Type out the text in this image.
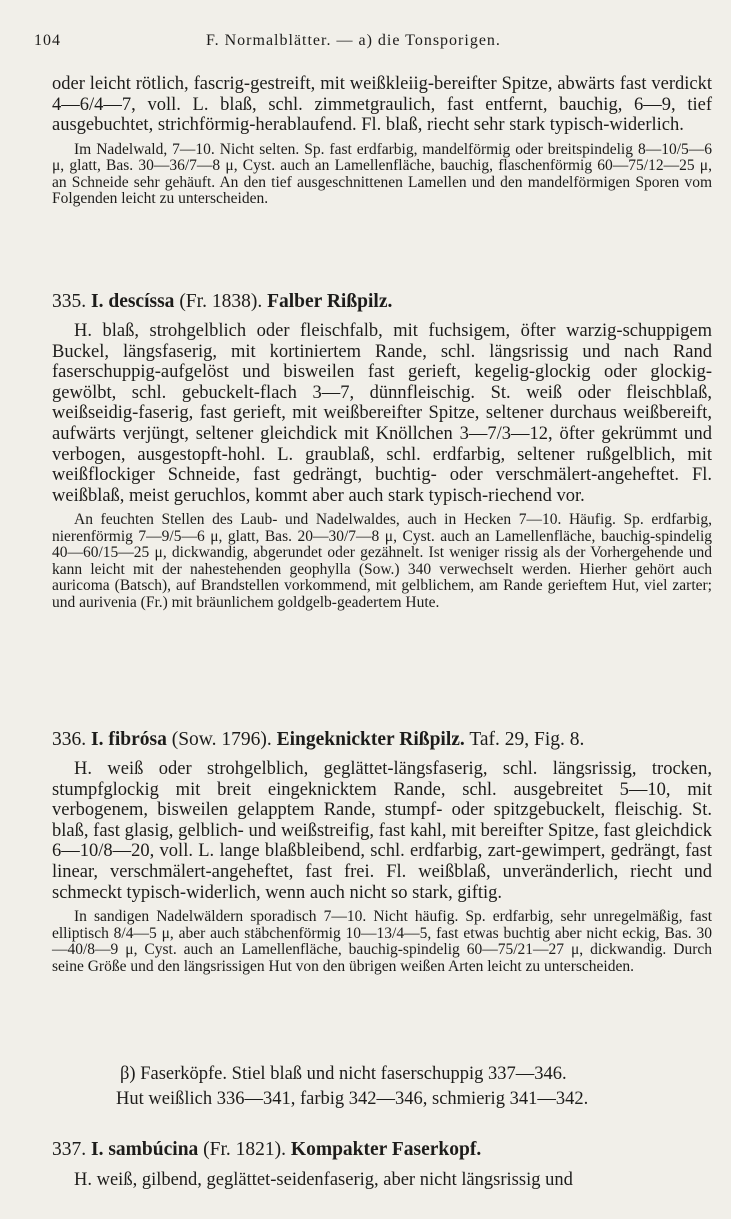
104	F. Normalblätter. — a) die Tonsporigen.

oder leicht rötlich, fascrig-gestreift, mit weißkleiig-bereifter Spitze, abwärts fast verdickt 4—6/4—7, voll. L. blaß, schl. zimmetgraulich, fast entfernt, bauchig, 6—9, tief ausgebuchtet, strichförmig-herablaufend. Fl. blaß, riecht sehr stark typisch-widerlich.

Im Nadelwald, 7—10. Nicht selten. Sp. fast erdfarbig, mandelförmig oder breitspindelig 8—10/5—6 μ, glatt, Bas. 30—36/7—8 μ, Cyst. auch an Lamellenfläche, bauchig, flaschenförmig 60—75/12—25 μ, an Schneide sehr gehäuft. An den tief ausgeschnittenen Lamellen und den mandelförmigen Sporen vom Folgenden leicht zu unterscheiden.

335. I. descíssa (Fr. 1838). Falber Rißpilz.

H. blaß, strohgelblich oder fleischfalb, mit fuchsigem, öfter warzig-schuppigem Buckel, längsfaserig, mit kortiniertem Rande, schl. längsrissig und nach Rand faserschuppig-aufgelöst und bisweilen fast gerieft, kegelig-glockig oder glockig-gewölbt, schl. gebuckelt-flach 3—7, dünnfleischig. St. weiß oder fleischblaß, weißseidig-faserig, fast gerieft, mit weißbereifter Spitze, seltener durchaus weißbereift, aufwärts verjüngt, seltener gleichdick mit Knöllchen 3—7/3—12, öfter gekrümmt und verbogen, ausgestopft-hohl. L. graublaß, schl. erdfarbig, seltener rußgelblich, mit weißflockiger Schneide, fast gedrängt, buchtig- oder verschmälert-angeheftet. Fl. weißblaß, meist geruchlos, kommt aber auch stark typisch-riechend vor.

An feuchten Stellen des Laub- und Nadelwaldes, auch in Hecken 7—10. Häufig. Sp. erdfarbig, nierenförmig 7—9/5—6 μ, glatt, Bas. 20—30/7—8 μ, Cyst. auch an Lamellenfläche, bauchig-spindelig 40—60/15—25 μ, dickwandig, abgerundet oder gezähnelt. Ist weniger rissig als der Vorhergehende und kann leicht mit der nahestehenden geophylla (Sow.) 340 verwechselt werden. Hierher gehört auch auricoma (Batsch), auf Brandstellen vorkommend, mit gelblichem, am Rande gerieftem Hut, viel zarter; und aurivenia (Fr.) mit bräunlichem goldgelb-geadertem Hute.

336. I. fibrósa (Sow. 1796). Eingeknickter Rißpilz. Taf. 29, Fig. 8.

H. weiß oder strohgelblich, geglättet-längsfaserig, schl. längsrissig, trocken, stumpfglockig mit breit eingeknicktem Rande, schl. ausgebreitet 5—10, mit verbogenem, bisweilen gelapptem Rande, stumpf- oder spitzgebuckelt, fleischig. St. blaß, fast glasig, gelblich- und weißstreifig, fast kahl, mit bereifter Spitze, fast gleichdick 6—10/8—20, voll. L. lange blaßbleibend, schl. erdfarbig, zart-gewimpert, gedrängt, fast linear, verschmälert-angeheftet, fast frei. Fl. weißblaß, unveränderlich, riecht und schmeckt typisch-widerlich, wenn auch nicht so stark, giftig.

In sandigen Nadelwäldern sporadisch 7—10. Nicht häufig. Sp. erdfarbig, sehr unregelmäßig, fast elliptisch 8/4—5 μ, aber auch stäbchenförmig 10—13/4—5, fast etwas buchtig aber nicht eckig, Bas. 30—40/8—9 μ, Cyst. auch an Lamellenfläche, bauchig-spindelig 60—75/21—27 μ, dickwandig. Durch seine Größe und den längsrissigen Hut von den übrigen weißen Arten leicht zu unterscheiden.

β) Faserköpfe. Stiel blaß und nicht faserschuppig 337—346.
Hut weißlich 336—341, farbig 342—346, schmierig 341—342.
337. I. sambúcina (Fr. 1821). Kompakter Faserkopf.

H. weiß, gilbend, geglättet-seidenfaserig, aber nicht längsrissig und
